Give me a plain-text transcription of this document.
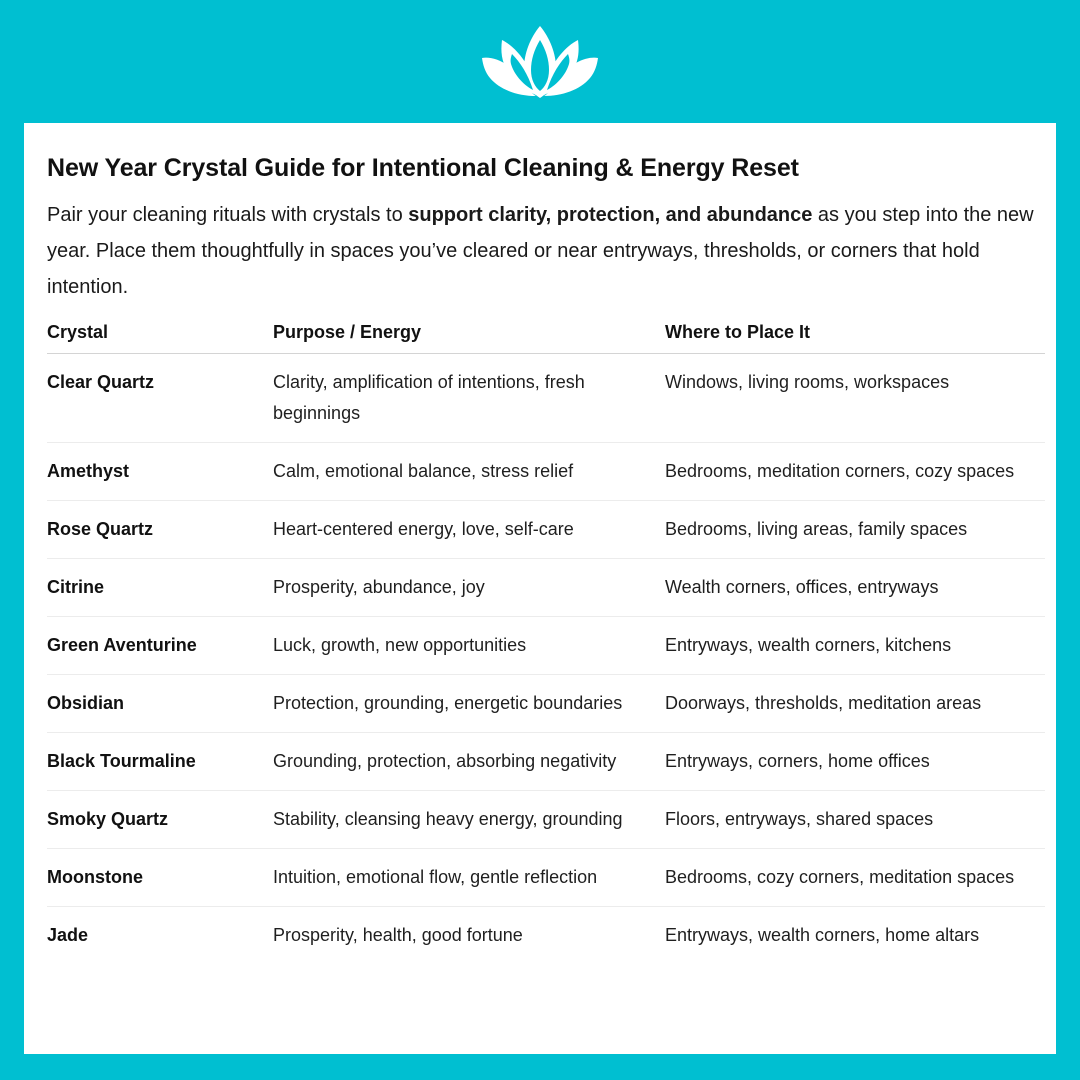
New Year Crystal Guide for Intentional Cleaning & Energy Reset

Pair your cleaning rituals with crystals to support clarity, protection, and abundance as you step into the new year. Place them thoughtfully in spaces you’ve cleared or near entryways, thresholds, or corners that hold intention.

Crystal	Purpose / Energy	Where to Place It
Clear Quartz	Clarity, amplification of intentions, fresh beginnings	Windows, living rooms, workspaces
Amethyst	Calm, emotional balance, stress relief	Bedrooms, meditation corners, cozy spaces
Rose Quartz	Heart-centered energy, love, self-care	Bedrooms, living areas, family spaces
Citrine	Prosperity, abundance, joy	Wealth corners, offices, entryways
Green Aventurine	Luck, growth, new opportunities	Entryways, wealth corners, kitchens
Obsidian	Protection, grounding, energetic boundaries	Doorways, thresholds, meditation areas
Black Tourmaline	Grounding, protection, absorbing negativity	Entryways, corners, home offices
Smoky Quartz	Stability, cleansing heavy energy, grounding	Floors, entryways, shared spaces
Moonstone	Intuition, emotional flow, gentle reflection	Bedrooms, cozy corners, meditation spaces
Jade	Prosperity, health, good fortune	Entryways, wealth corners, home altars
